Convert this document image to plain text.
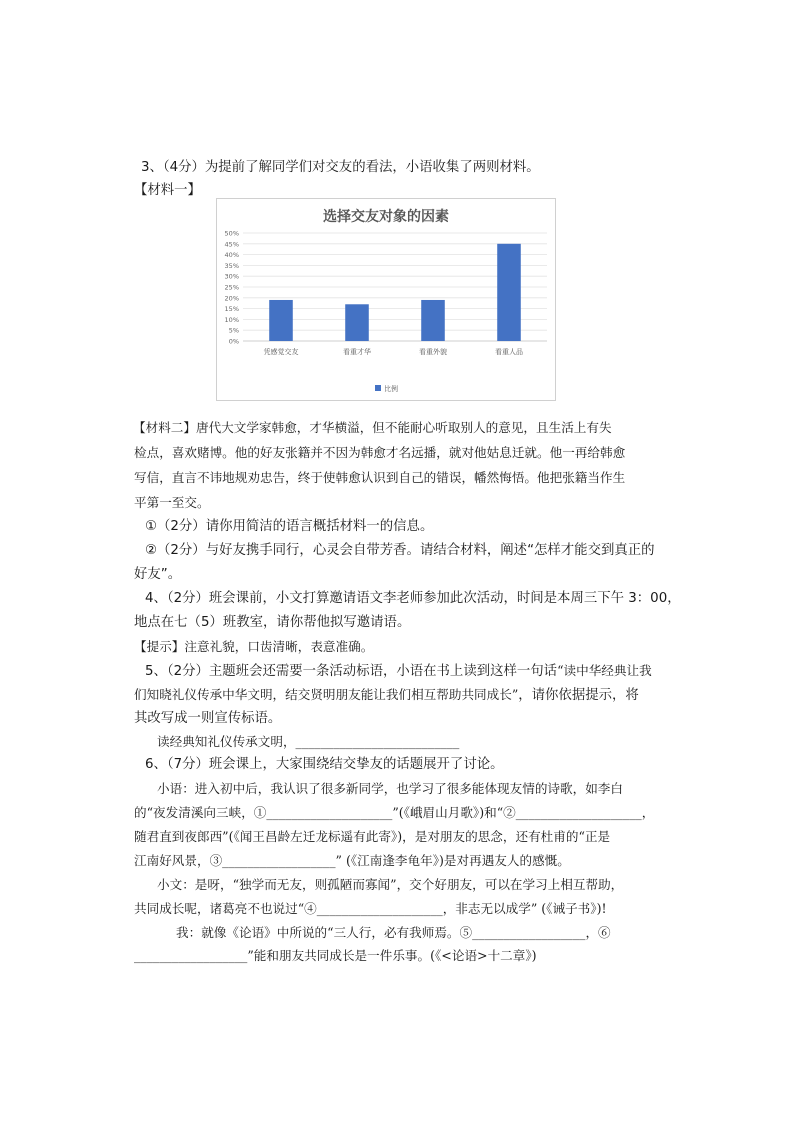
3、（4分）为提前了解同学们对交友的看法，小语收集了两则材料。
【材料一】
选择交友对象的因素
0%
5%
10%
15%
20%
25%
30%
35%
40%
45%
50%
凭感觉交友	看重才华	看重外貌	看重人品
比例
【材料二】唐代大文学家韩愈，才华横溢，但不能耐心听取别人的意见，且生活上有失
检点，喜欢赌博。他的好友张籍并不因为韩愈才名远播，就对他姑息迁就。他一再给韩愈
写信，直言不讳地规劝忠告，终于使韩愈认识到自己的错误，幡然悔悟。他把张籍当作生
平第一至交。
①（2分）请你用简洁的语言概括材料一的信息。
②（2分）与好友携手同行，心灵会自带芳香。请结合材料，阐述“怎样才能交到真正的
好友”。
4、（2分）班会课前，小文打算邀请语文李老师参加此次活动，时间是本周三下午 3：00，
地点在七（5）班教室，请你帮他拟写邀请语。
【提示】注意礼貌，口齿清晰，表意准确。
5、（2分）主题班会还需要一条活动标语，小语在书上读到这样一句话“读中华经典让我
们知晓礼仪传承中华文明，结交贤明朋友能让我们相互帮助共同成长”，请你依据提示，将
其改写成一则宣传标语。
读经典知礼仪传承文明，__________________________
6、（7分）班会课上，大家围绕结交挚友的话题展开了讨论。
小语：进入初中后，我认识了很多新同学，也学习了很多能体现友情的诗歌，如李白
的“夜发清溪向三峡，①____________________”(《峨眉山月歌》)和“②____________________，
随君直到夜郎西”(《闻王昌龄左迁龙标遥有此寄》)，是对朋友的思念，还有杜甫的“正是
江南好风景，③__________________” (《江南逢李龟年》)是对再遇友人的感慨。
小文：是呀，“独学而无友，则孤陋而寡闻”，交个好朋友，可以在学习上相互帮助，
共同成长呢，诸葛亮不也说过“④____________________，非志无以成学” (《诫子书》)!
我：就像《论语》中所说的“三人行，必有我师焉。⑤__________________，⑥
__________________”能和朋友共同成长是一件乐事。(《<论语>十二章》)
